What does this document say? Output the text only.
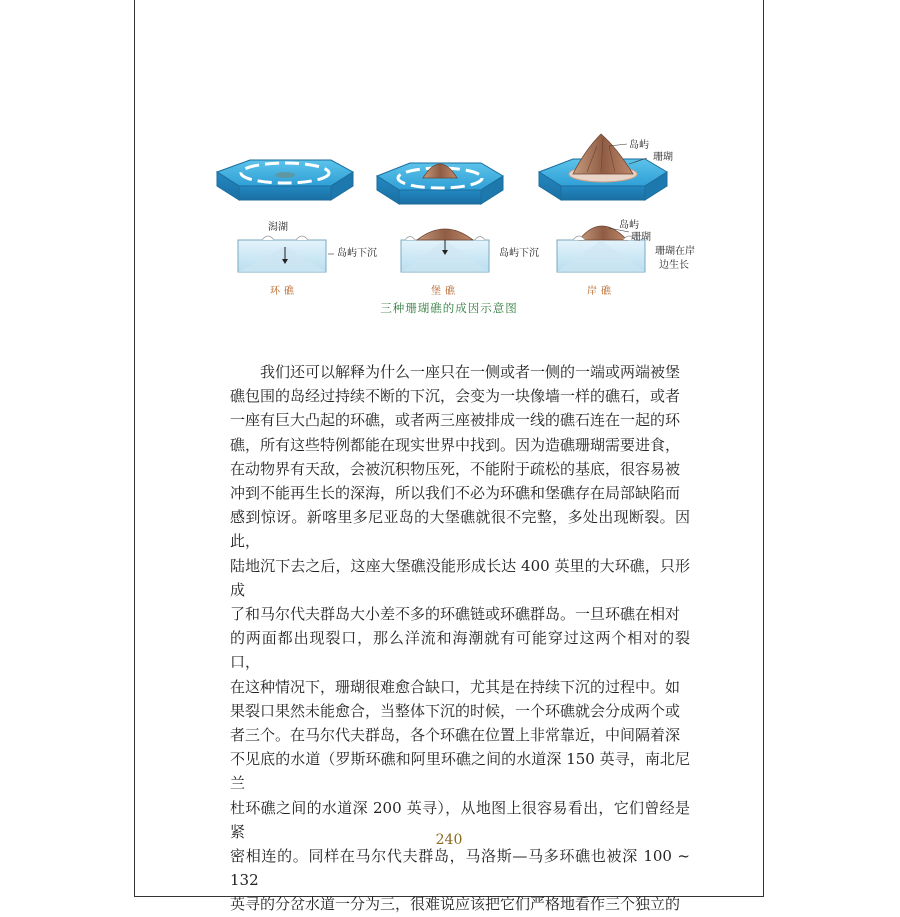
岛屿
珊瑚
岛屿
珊瑚
潟湖
岛屿下沉	岛屿下沉	珊瑚在岸
边生长
环礁	堡礁	岸礁
三种珊瑚礁的成因示意图

我们还可以解释为什么一座只在一侧或者一侧的一端或两端被堡
礁包围的岛经过持续不断的下沉，会变为一块像墙一样的礁石，或者
一座有巨大凸起的环礁，或者两三座被排成一线的礁石连在一起的环
礁，所有这些特例都能在现实世界中找到。因为造礁珊瑚需要进食，
在动物界有天敌，会被沉积物压死，不能附于疏松的基底，很容易被
冲到不能再生长的深海，所以我们不必为环礁和堡礁存在局部缺陷而
感到惊讶。新喀里多尼亚岛的大堡礁就很不完整，多处出现断裂。因此，
陆地沉下去之后，这座大堡礁没能形成长达 400 英里的大环礁，只形成
了和马尔代夫群岛大小差不多的环礁链或环礁群岛。一旦环礁在相对
的两面都出现裂口，那么洋流和海潮就有可能穿过这两个相对的裂口，
在这种情况下，珊瑚很难愈合缺口，尤其是在持续下沉的过程中。如
果裂口果然未能愈合，当整体下沉的时候，一个环礁就会分成两个或
者三个。在马尔代夫群岛，各个环礁在位置上非常靠近，中间隔着深
不见底的水道（罗斯环礁和阿里环礁之间的水道深 150 英寻，南北尼兰
杜环礁之间的水道深 200 英寻），从地图上很容易看出，它们曾经是紧
密相连的。同样在马尔代夫群岛，马洛斯—马多环礁也被深 100 ~ 132
英寻的分岔水道一分为三，很难说应该把它们严格地看作三个独立的

240
